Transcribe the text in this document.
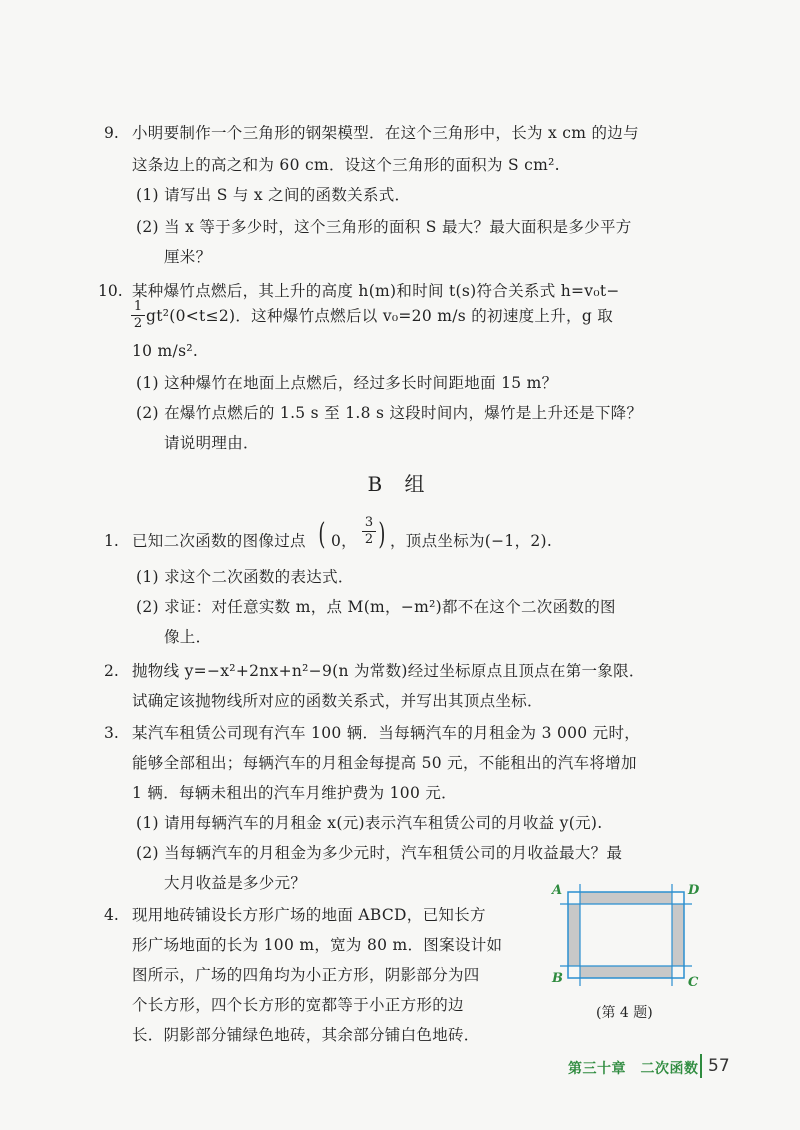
9. 小明要制作一个三角形的钢架模型．在这个三角形中，长为 x cm 的边与
这条边上的高之和为 60 cm．设这个三角形的面积为 S cm².
(1) 请写出 S 与 x 之间的函数关系式．
(2) 当 x 等于多少时，这个三角形的面积 S 最大？最大面积是多少平方
厘米？
10. 某种爆竹点燃后，其上升的高度 h(m)和时间 t(s)符合关系式 h=v₀t−
1
2 gt²(0<t≤2)．这种爆竹点燃后以 v₀=20 m/s 的初速度上升，g 取
10 m/s².
(1) 这种爆竹在地面上点燃后，经过多长时间距地面 15 m？
(2) 在爆竹点燃后的 1.5 s 至 1.8 s 这段时间内，爆竹是上升还是下降？
请说明理由．
B 组
1. 已知二次函数的图像过点 ( 0，
3
2 ) ，顶点坐标为(−1，2).
(1) 求这个二次函数的表达式．
(2) 求证：对任意实数 m，点 M(m，−m²)都不在这个二次函数的图
像上．
2. 抛物线 y=−x²+2nx+n²−9(n 为常数)经过坐标原点且顶点在第一象限．
试确定该抛物线所对应的函数关系式，并写出其顶点坐标．
3. 某汽车租赁公司现有汽车 100 辆．当每辆汽车的月租金为 3 000 元时，
能够全部租出；每辆汽车的月租金每提高 50 元，不能租出的汽车将增加
1 辆．每辆未租出的汽车月维护费为 100 元．
(1) 请用每辆汽车的月租金 x(元)表示汽车租赁公司的月收益 y(元).
(2) 当每辆汽车的月租金为多少元时，汽车租赁公司的月收益最大？最
大月收益是多少元？
4. 现用地砖铺设长方形广场的地面 ABCD，已知长方
形广场地面的长为 100 m，宽为 80 m．图案设计如
图所示，广场的四角均为小正方形，阴影部分为四
个长方形，四个长方形的宽都等于小正方形的边
长．阴影部分铺绿色地砖，其余部分铺白色地砖．
A	D
B	C
(第 4 题)
第三十章　二次函数 57
